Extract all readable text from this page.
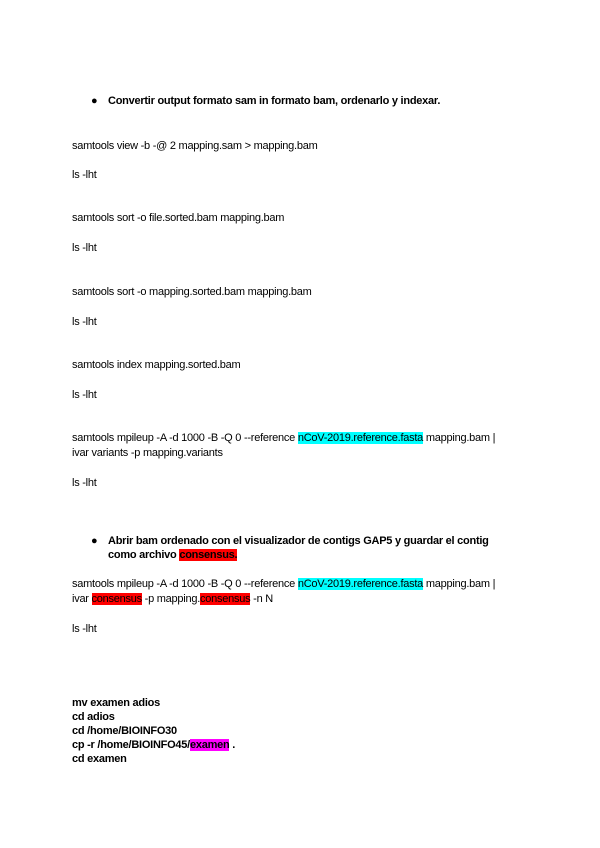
● Convertir output formato sam in formato bam, ordenarlo y indexar.
samtools view -b -@ 2 mapping.sam > mapping.bam
ls -lht
samtools sort -o file.sorted.bam mapping.bam
ls -lht
samtools sort -o mapping.sorted.bam mapping.bam
ls -lht
samtools index mapping.sorted.bam
ls -lht
samtools mpileup -A -d 1000 -B -Q 0 --reference nCoV-2019.reference.fasta mapping.bam |
ivar variants -p mapping.variants
ls -lht
● Abrir bam ordenado con el visualizador de contigs GAP5 y guardar el contig
como archivo consensus.
samtools mpileup -A -d 1000 -B -Q 0 --reference nCoV-2019.reference.fasta mapping.bam |
ivar consensus -p mapping.consensus -n N
ls -lht
mv examen adios
cd adios
cd /home/BIOINFO30
cp -r /home/BIOINFO45/examen .
cd examen
